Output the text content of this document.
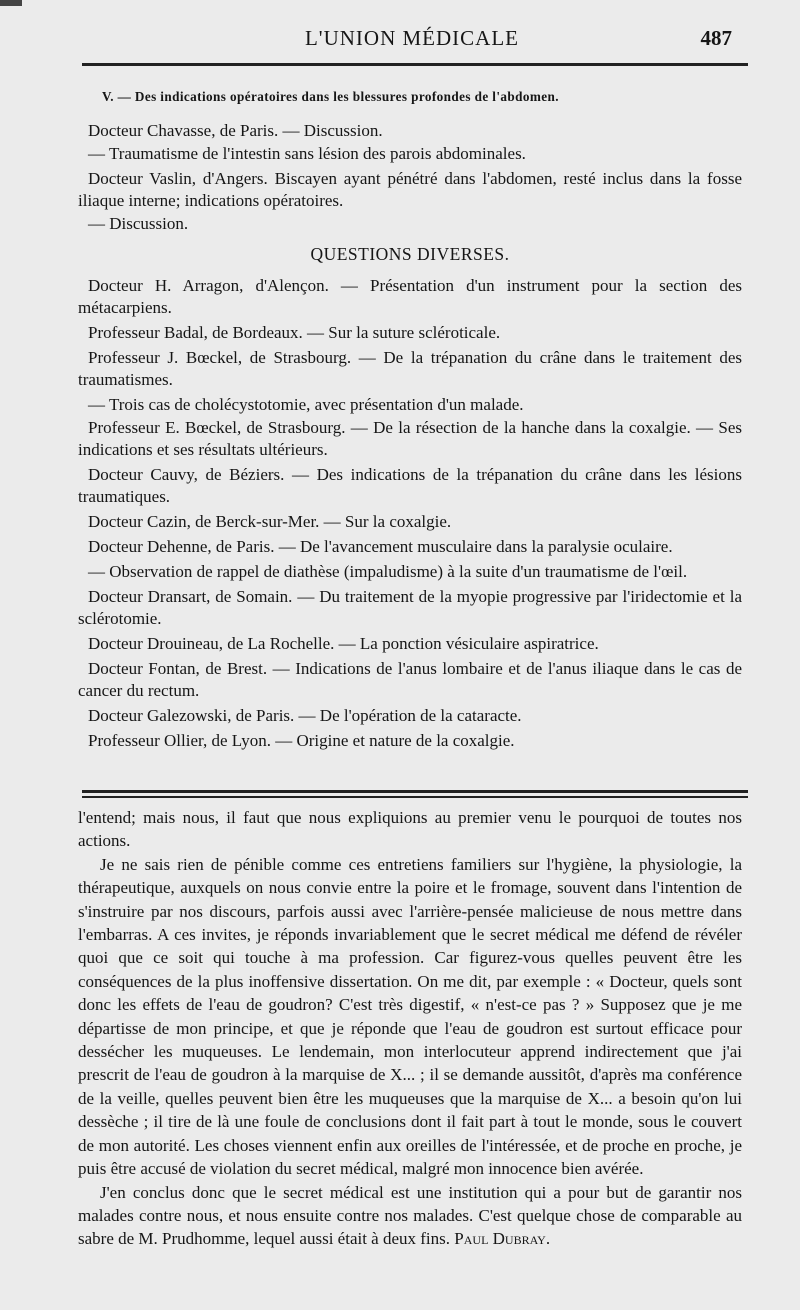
L'UNION MÉDICALE	487
V. — Des indications opératoires dans les blessures profondes de l'abdomen.

Docteur Chavasse, de Paris. — Discussion.

— Traumatisme de l'intestin sans lésion des parois abdominales.

Docteur Vaslin, d'Angers. Biscayen ayant pénétré dans l'abdomen, resté inclus dans la fosse iliaque interne; indications opératoires.

— Discussion.

QUESTIONS DIVERSES.

Docteur H. Arragon, d'Alençon. — Présentation d'un instrument pour la section des métacarpiens.

Professeur Badal, de Bordeaux. — Sur la suture scléroticale.

Professeur J. Bœckel, de Strasbourg. — De la trépanation du crâne dans le traitement des traumatismes.

— Trois cas de cholécystotomie, avec présentation d'un malade.

Professeur E. Bœckel, de Strasbourg. — De la résection de la hanche dans la coxalgie. — Ses indications et ses résultats ultérieurs.

Docteur Cauvy, de Béziers. — Des indications de la trépanation du crâne dans les lésions traumatiques.

Docteur Cazin, de Berck-sur-Mer. — Sur la coxalgie.

Docteur Dehenne, de Paris. — De l'avancement musculaire dans la paralysie oculaire.

— Observation de rappel de diathèse (impaludisme) à la suite d'un traumatisme de l'œil.

Docteur Dransart, de Somain. — Du traitement de la myopie progressive par l'iridectomie et la sclérotomie.

Docteur Drouineau, de La Rochelle. — La ponction vésiculaire aspiratrice.

Docteur Fontan, de Brest. — Indications de l'anus lombaire et de l'anus iliaque dans le cas de cancer du rectum.

Docteur Galezowski, de Paris. — De l'opération de la cataracte.

Professeur Ollier, de Lyon. — Origine et nature de la coxalgie.

l'entend; mais nous, il faut que nous expliquions au premier venu le pourquoi de toutes nos actions.

Je ne sais rien de pénible comme ces entretiens familiers sur l'hygiène, la physiologie, la thérapeutique, auxquels on nous convie entre la poire et le fromage, souvent dans l'intention de s'instruire par nos discours, parfois aussi avec l'arrière-pensée malicieuse de nous mettre dans l'embarras. A ces invites, je réponds invariablement que le secret médical me défend de révéler quoi que ce soit qui touche à ma profession. Car figurez-vous quelles peuvent être les conséquences de la plus inoffensive dissertation. On me dit, par exemple : « Docteur, quels sont donc les effets de l'eau de goudron? C'est très digestif, « n'est-ce pas ? » Supposez que je me départisse de mon principe, et que je réponde que l'eau de goudron est surtout efficace pour dessécher les muqueuses. Le lendemain, mon interlocuteur apprend indirectement que j'ai prescrit de l'eau de goudron à la marquise de X... ; il se demande aussitôt, d'après ma conférence de la veille, quelles peuvent bien être les muqueuses que la marquise de X... a besoin qu'on lui dessèche ; il tire de là une foule de conclusions dont il fait part à tout le monde, sous le couvert de mon autorité. Les choses viennent enfin aux oreilles de l'intéressée, et de proche en proche, je puis être accusé de violation du secret médical, malgré mon innocence bien avérée.

J'en conclus donc que le secret médical est une institution qui a pour but de garantir nos malades contre nous, et nous ensuite contre nos malades. C'est quelque chose de comparable au sabre de M. Prudhomme, lequel aussi était à deux fins. Paul Dubray.
